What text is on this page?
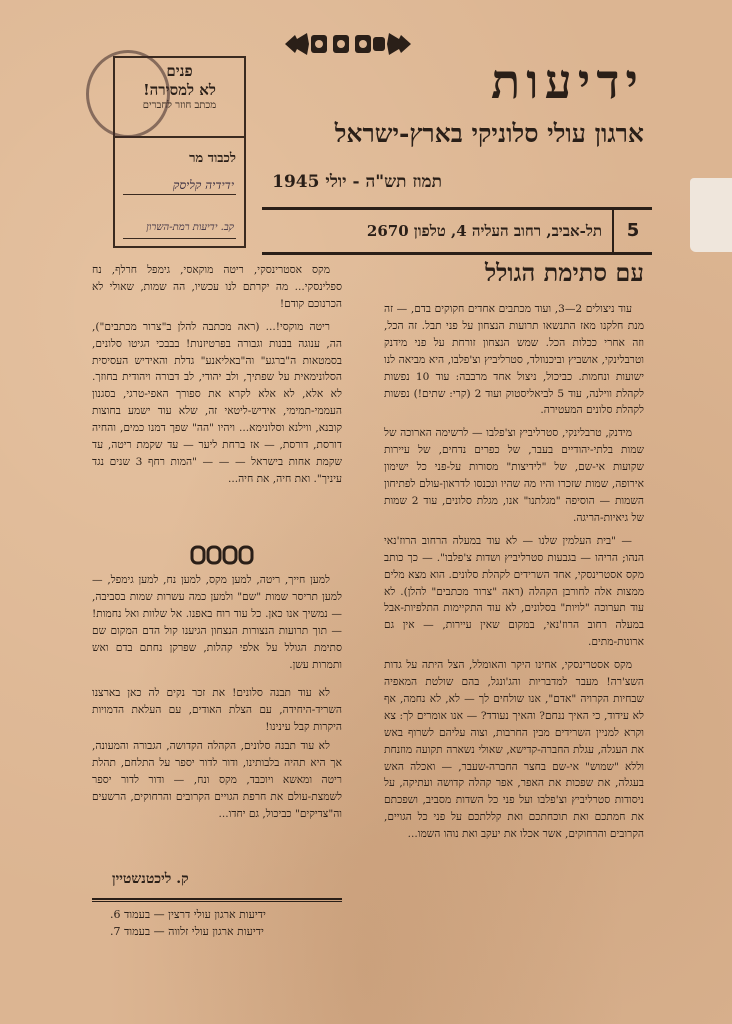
ידיעות
ארגון עולי סלוניקי בארץ-ישראל
תמוז תש"ה - יולי 1945
5
תל-אביב, רחוב העליה 4, טלפון 2670
פנים
לא למסירה!
מכתב חוזר לחברים
לכבוד מר
ידידיה קליסק
קב. ידיעות רמת-השרון
עם סתימת הגולל

עוד ניצולים 2—3, ועוד מכתבים אחדים חקוקים בדם, — זה מנת חלקנו מאז התנשאו תרועות הנצחון על פני תבל. זה הכל, וזה אחרי ככלות הכל. שמש הנצחון זורחת על פני מידנק וטרבלינקי, אושביץ וביכנוולד, סטרליביץ וצ'פלבו, היא מביאה לנו ישועות ונחמות. כביכול, ניצול אחד מרבבה: עוד 10 נפשות לקהלת ווילנה, עוד 5 לביאליסטוק ועוד 2 (קרי: שתים!) נפשות לקהלת סלונים המעטירה.

מידנק, טרבלינקי, סטרליביץ וצ'פלבו — לרשימה הארוכה של שמות בלתי-יהודיים בעבר, של כפרים נדחים, של עיירות שקועות אי-שם, של "לידיצות" מסורות על-פני כל ישימון אירופה, שמות שזכרו והיו מה שהיו ונכנסו לדראון-עולם לפתיחון השמות — הוסיפה "מגלתנו" אנו, מגלת סלונים, עוד 2 שמות של גיאיות-הריגה.

— "בית העלמין שלנו — לא עוד במעלה הרחוב הרוז'נאי הנהו; הריהו — בגבעות סטרליביץ ושדות צ'פלבו". — כך כותב מקס אסטרינסקי, אחד השרידים לקהלת סלונים. הוא מצא מלים ממצות אלה לחורבן הקהלה (ראה "צרור מכתבים" להלן). לא עוד תערוכה "לויות" בסלונים, לא עוד התקיימות התלפיות-אבל במעלה רחוב הרוז'נאי, במקום שאין עיירות, — אין גם ארונות-מתים.

מקס אסטרינסקי, אחינו היקר והאומלל, הצל היתה על גדות השצ'רה! מעבר למדבריות והג'ונגל, בהם שולטת המאפיה שבחיות הקרויה "אדם", אנו שולחים לך — לא, לא נחמה, אף לא עידוד, כי האיך ננחם? והאיך נעודד? — אנו אומרים לך: צא וקרא למניין השרידים מבין החרבות, וצוה עליהם לשרוף באש את העגלה, עגלת החברה-קדישא, שאולי נשארה תקועה מוזנחת וללא "שמוש" אי-שם בחצר החברה-שעבר, — ואכלה האש בעגלה, את שפכות את האפר, אפר קהלה קדושה ועתיקה, על ניסודות סטרליביץ וצ'פלבו ועל פני כל השדות מסביב, ושפכתם את חמתכם ואת תוכחתכם ואת קללתכם על פני כל הגויים, הקרובים והרחוקים, אשר אכלו את יעקב ואת נוהו השמו...

מקס אסטרינסקי, ריטה מוקאסי, גימפל חרלף, נח ספלינסקי... מה יקרתם לנו עכשיו, הה שמות, שאולי לא הכרנוכם קודם!

ריטה מוקסי!... (ראה מכתבה להלן ב"צרור מכתבים"), הה, ענוגה בבנות וגבורה בפרטיזנות! בבבכי הגיטו סלונים, בסמטאות ה"ברגע" וה"באליאנע" גדלת והאידיש העסיסית הסלונימאית על שפתיך, ולב יהודי, לב דבורה ויהודית בחוזך. לא אלא, לא אלא לקרא את ספורך האפי-טרגי, בסגנון העממי-תמימי, אידיש-ליטאי זה, שלא עוד ישמע בחוצות קובנא, ווילנא וסלונימא... ויהיו "הה" שפך דמנו כמים, והחיה דורסת, דורסת, — אז ברחת ליער — עד שקמת ריטה, עד שקמת אחות בישראל — — — "המות רחף 3 שנים נגד עיניך". ואת חיה, את חיה...

למען חייך, ריטה, למען מקס, למען נח, למען גימפל, — למען תריסר שמות "שם" ולמען כמה עשרות שמות בסביבה, — נמשיך אנו כאן. כל עוד רוח באפנו. אל שלוות ואל נחמות! — תוך תרועות הנצורות הנצחון הגיענו קול הדם המקום שם סתימת הגולל על אלפי קהלות, שפרקן נחתם בדם ואש ותמרות עשן.

לא עוד תבנה סלונים! את זכר נקים לה כאן בארצנו השריד-היחידה, עם הצלת האודים, עם העלאת הדמויות היקרות קבל עינינו!

לא עוד תבנה סלונים, הקהלה הקדושה, הגבורה והמעונה, אך היא תהיה בלבותינו, ודור לדור יספר על התלחם, תהלת ריטה ומאשא ויוכבד, מקס ונח, — ודור לדור יספר לשמצת-עולם את חרפת הגויים הקרובים והרחוקים, הרשעים וה"צדיקים" כביכול, גם יחדו...

ק. ליכטנשטיין
ידיעות ארגון עולי דרצין — בעמוד 6.
ידיעות ארגון עולי זלווה — בעמוד 7.
